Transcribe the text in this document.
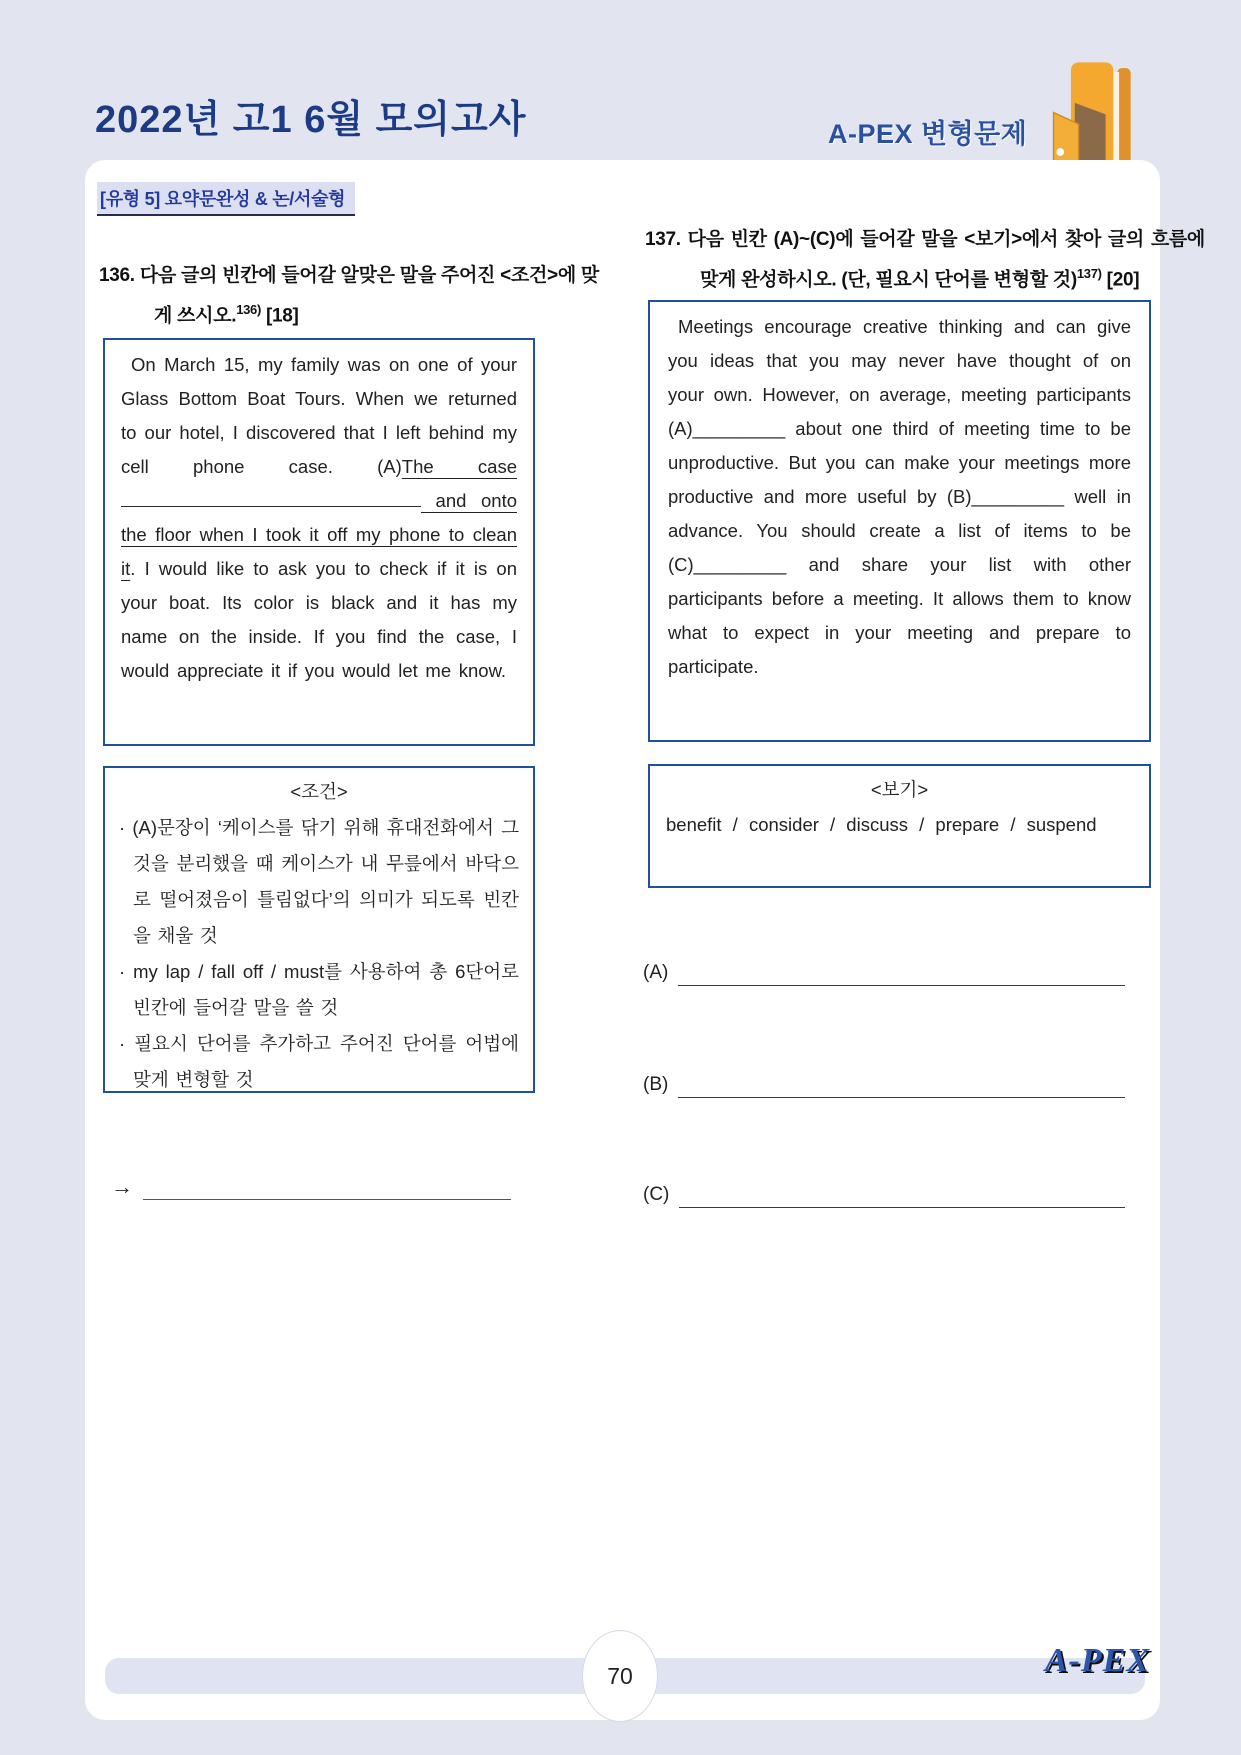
2022년 고1 6월 모의고사	A-PEX 변형문제
[유형 5] 요약문완성 & 논/서술형

136. 다음 글의 빈칸에 들어갈 알맞은 말을 주어진 <조건>에 맞게 쓰시오.$^{136)}$ [18]

On March 15, my family was on one of your Glass Bottom Boat Tours. When we returned to our hotel, I discovered that I left behind my cell phone case. (A)The case  and onto the floor when I took it off my phone to clean it. I would like to ask you to check if it is on your boat. Its color is black and it has my name on the inside. If you find the case, I would appreciate it if you would let me know.

<조건>

· (A)문장이 ‘케이스를 닦기 위해 휴대전화에서 그것을 분리했을 때 케이스가 내 무릎에서 바닥으로 떨어졌음이 틀림없다’의 의미가 되도록 빈칸을 채울 것

· my lap / fall off / must를 사용하여 총 6단어로 빈칸에 들어갈 말을 쓸 것

· 필요시 단어를 추가하고 주어진 단어를 어법에 맞게 변형할 것

→

137. 다음 빈칸 (A)~(C)에 들어갈 말을 <보기>에서 찾아 글의 흐름에 맞게 완성하시오. (단, 필요시 단어를 변형할 것)$^{137)}$ [20]

Meetings encourage creative thinking and can give you ideas that you may never have thought of on your own. However, on average, meeting participants (A)_________ about one third of meeting time to be unproductive. But you can make your meetings more productive and more useful by (B)_________ well in advance. You should create a list of items to be (C)_________ and share your list with other participants before a meeting. It allows them to know what to expect in your meeting and prepare to participate.

<보기>

benefit / consider / discuss / prepare / suspend

(A)
(B)
(C)
70	A-PEX
